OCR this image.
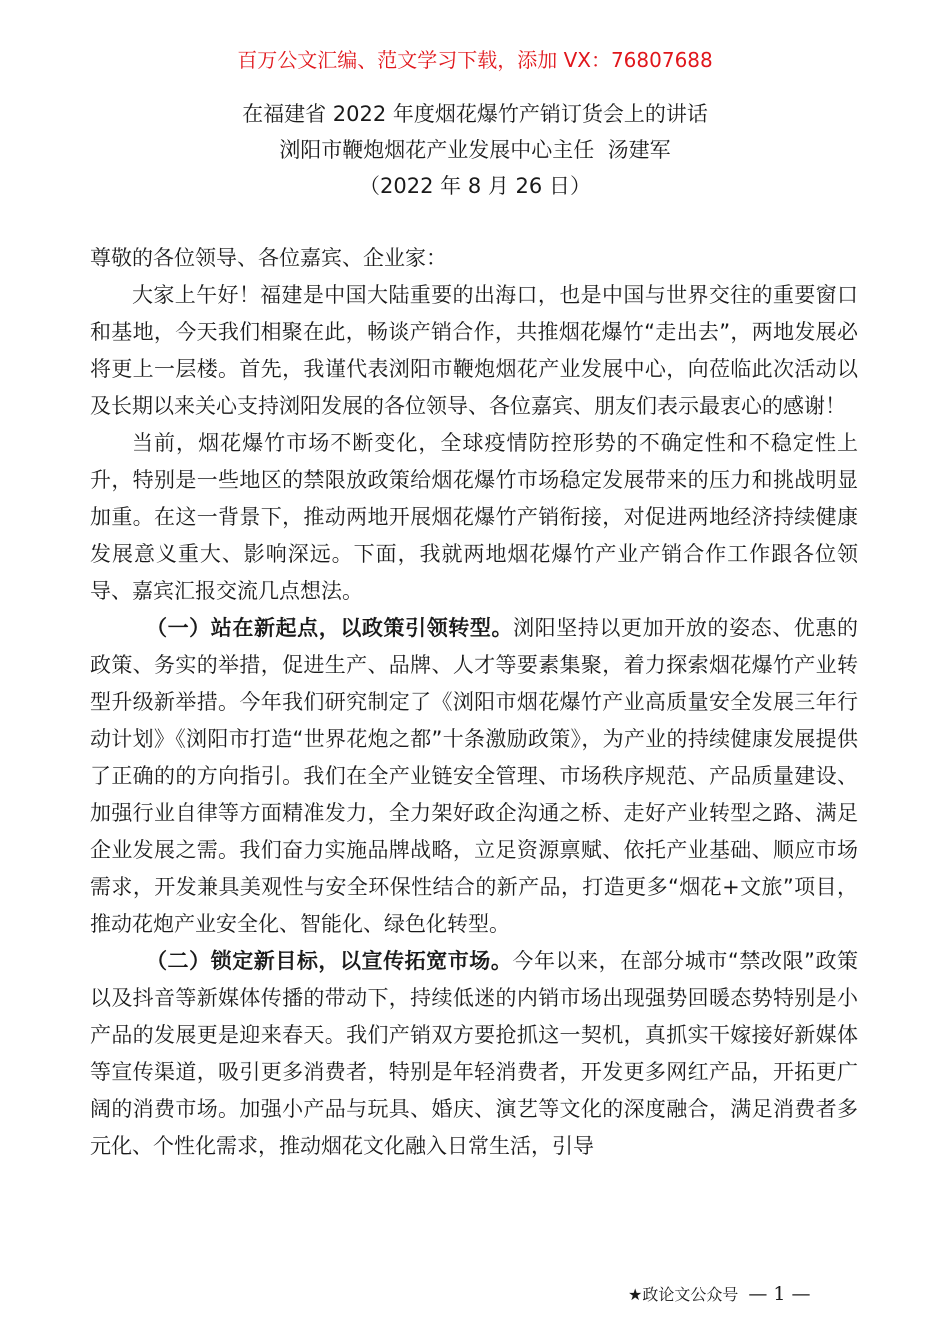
百万公文汇编、范文学习下载，添加 VX：76807688
在福建省 2022 年度烟花爆竹产销订货会上的讲话
浏阳市鞭炮烟花产业发展中心主任  汤建军
（2022 年 8 月 26 日）

尊敬的各位领导、各位嘉宾、企业家：

大家上午好！福建是中国大陆重要的出海口，也是中国与世界交往的重要窗口和基地，今天我们相聚在此，畅谈产销合作，共推烟花爆竹“走出去”，两地发展必将更上一层楼。首先，我谨代表浏阳市鞭炮烟花产业发展中心，向莅临此次活动以及长期以来关心支持浏阳发展的各位领导、各位嘉宾、朋友们表示最衷心的感谢！

当前，烟花爆竹市场不断变化，全球疫情防控形势的不确定性和不稳定性上升，特别是一些地区的禁限放政策给烟花爆竹市场稳定发展带来的压力和挑战明显加重。在这一背景下，推动两地开展烟花爆竹产销衔接，对促进两地经济持续健康发展意义重大、影响深远。下面，我就两地烟花爆竹产业产销合作工作跟各位领导、嘉宾汇报交流几点想法。

（一）站在新起点，以政策引领转型。浏阳坚持以更加开放的姿态、优惠的政策、务实的举措，促进生产、品牌、人才等要素集聚，着力探索烟花爆竹产业转型升级新举措。今年我们研究制定了《浏阳市烟花爆竹产业高质量安全发展三年行动计划》《浏阳市打造“世界花炮之都”十条激励政策》，为产业的持续健康发展提供了正确的的方向指引。我们在全产业链安全管理、市场秩序规范、产品质量建设、加强行业自律等方面精准发力，全力架好政企沟通之桥、走好产业转型之路、满足企业发展之需。我们奋力实施品牌战略，立足资源禀赋、依托产业基础、顺应市场需求，开发兼具美观性与安全环保性结合的新产品，打造更多“烟花+文旅”项目，推动花炮产业安全化、智能化、绿色化转型。

（二）锁定新目标，以宣传拓宽市场。今年以来，在部分城市“禁改限”政策以及抖音等新媒体传播的带动下，持续低迷的内销市场出现强势回暖态势特别是小产品的发展更是迎来春天。我们产销双方要抢抓这一契机，真抓实干嫁接好新媒体等宣传渠道，吸引更多消费者，特别是年轻消费者，开发更多网红产品，开拓更广阔的消费市场。加强小产品与玩具、婚庆、演艺等文化的深度融合，满足消费者多元化、个性化需求，推动烟花文化融入日常生活，引导

★政论文公众号 — 1 —
